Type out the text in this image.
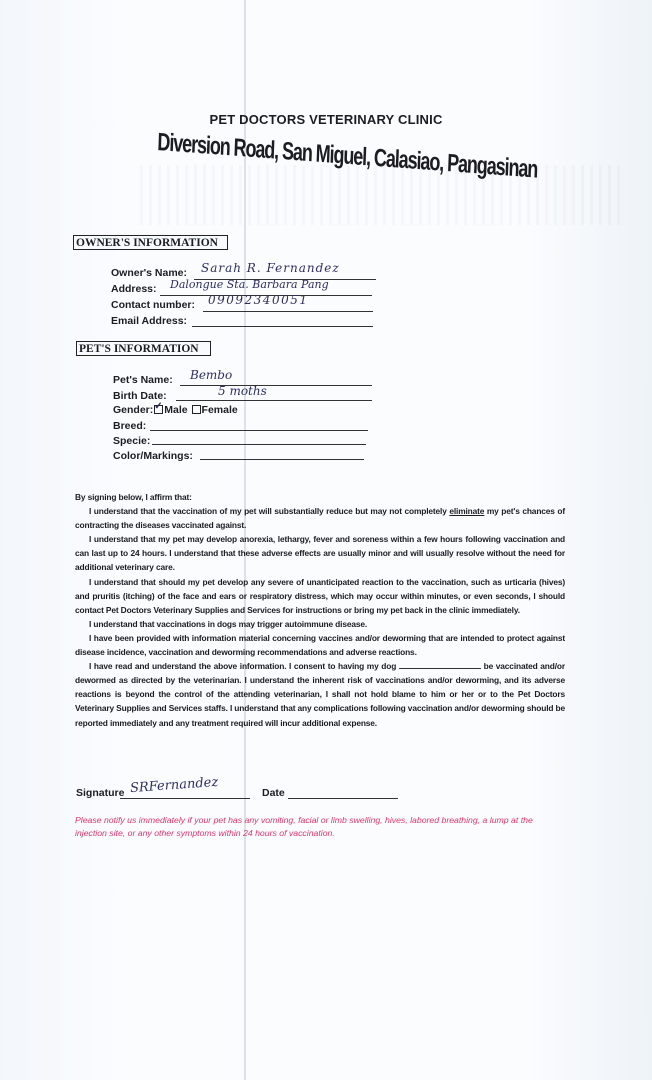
PET DOCTORS VETERINARY CLINIC
Diversion Road, San Miguel, Calasiao, Pangasinan
OWNER'S INFORMATION
Owner's Name: Sarah R. Fernandez
Address: Dalongue Sta. Barbara Pang
Contact number: 09092340051
Email Address:
PET'S INFORMATION
Pet's Name: Bembo
Birth Date:	5 moths
Gender:✓ Male Female
Breed:
Specie:
Color/Markings:

By signing below, I affirm that:

I understand that the vaccination of my pet will substantially reduce but may not completely eliminate my pet's chances of contracting the diseases vaccinated against.

I understand that my pet may develop anorexia, lethargy, fever and soreness within a few hours following vaccination and can last up to 24 hours. I understand that these adverse effects are usually minor and will usually resolve without the need for additional veterinary care.

I understand that should my pet develop any severe of unanticipated reaction to the vaccination, such as urticaria (hives) and pruritis (itching) of the face and ears or respiratory distress, which may occur within minutes, or even seconds, I should contact Pet Doctors Veterinary Supplies and Services for instructions or bring my pet back in the clinic immediately.

I understand that vaccinations in dogs may trigger autoimmune disease.

I have been provided with information material concerning vaccines and/or deworming that are intended to protect against disease incidence, vaccination and deworming recommendations and adverse reactions.

I have read and understand the above information. I consent to having my dog	be vaccinated and/or dewormed as directed by the veterinarian. I understand the inherent risk of vaccinations and/or deworming, and its adverse reactions is beyond the control of the attending veterinarian, I shall not hold blame to him or her or to the Pet Doctors Veterinary Supplies and Services staffs. I understand that any complications following vaccination and/or deworming should be reported immediately and any treatment required will incur additional expense.

Signature SRFernandez	Date
Please notify us immediately if your pet has any vomiting, facial or limb swelling, hives, labored breathing, a lump at the injection site, or any other symptoms within 24 hours of vaccination.
